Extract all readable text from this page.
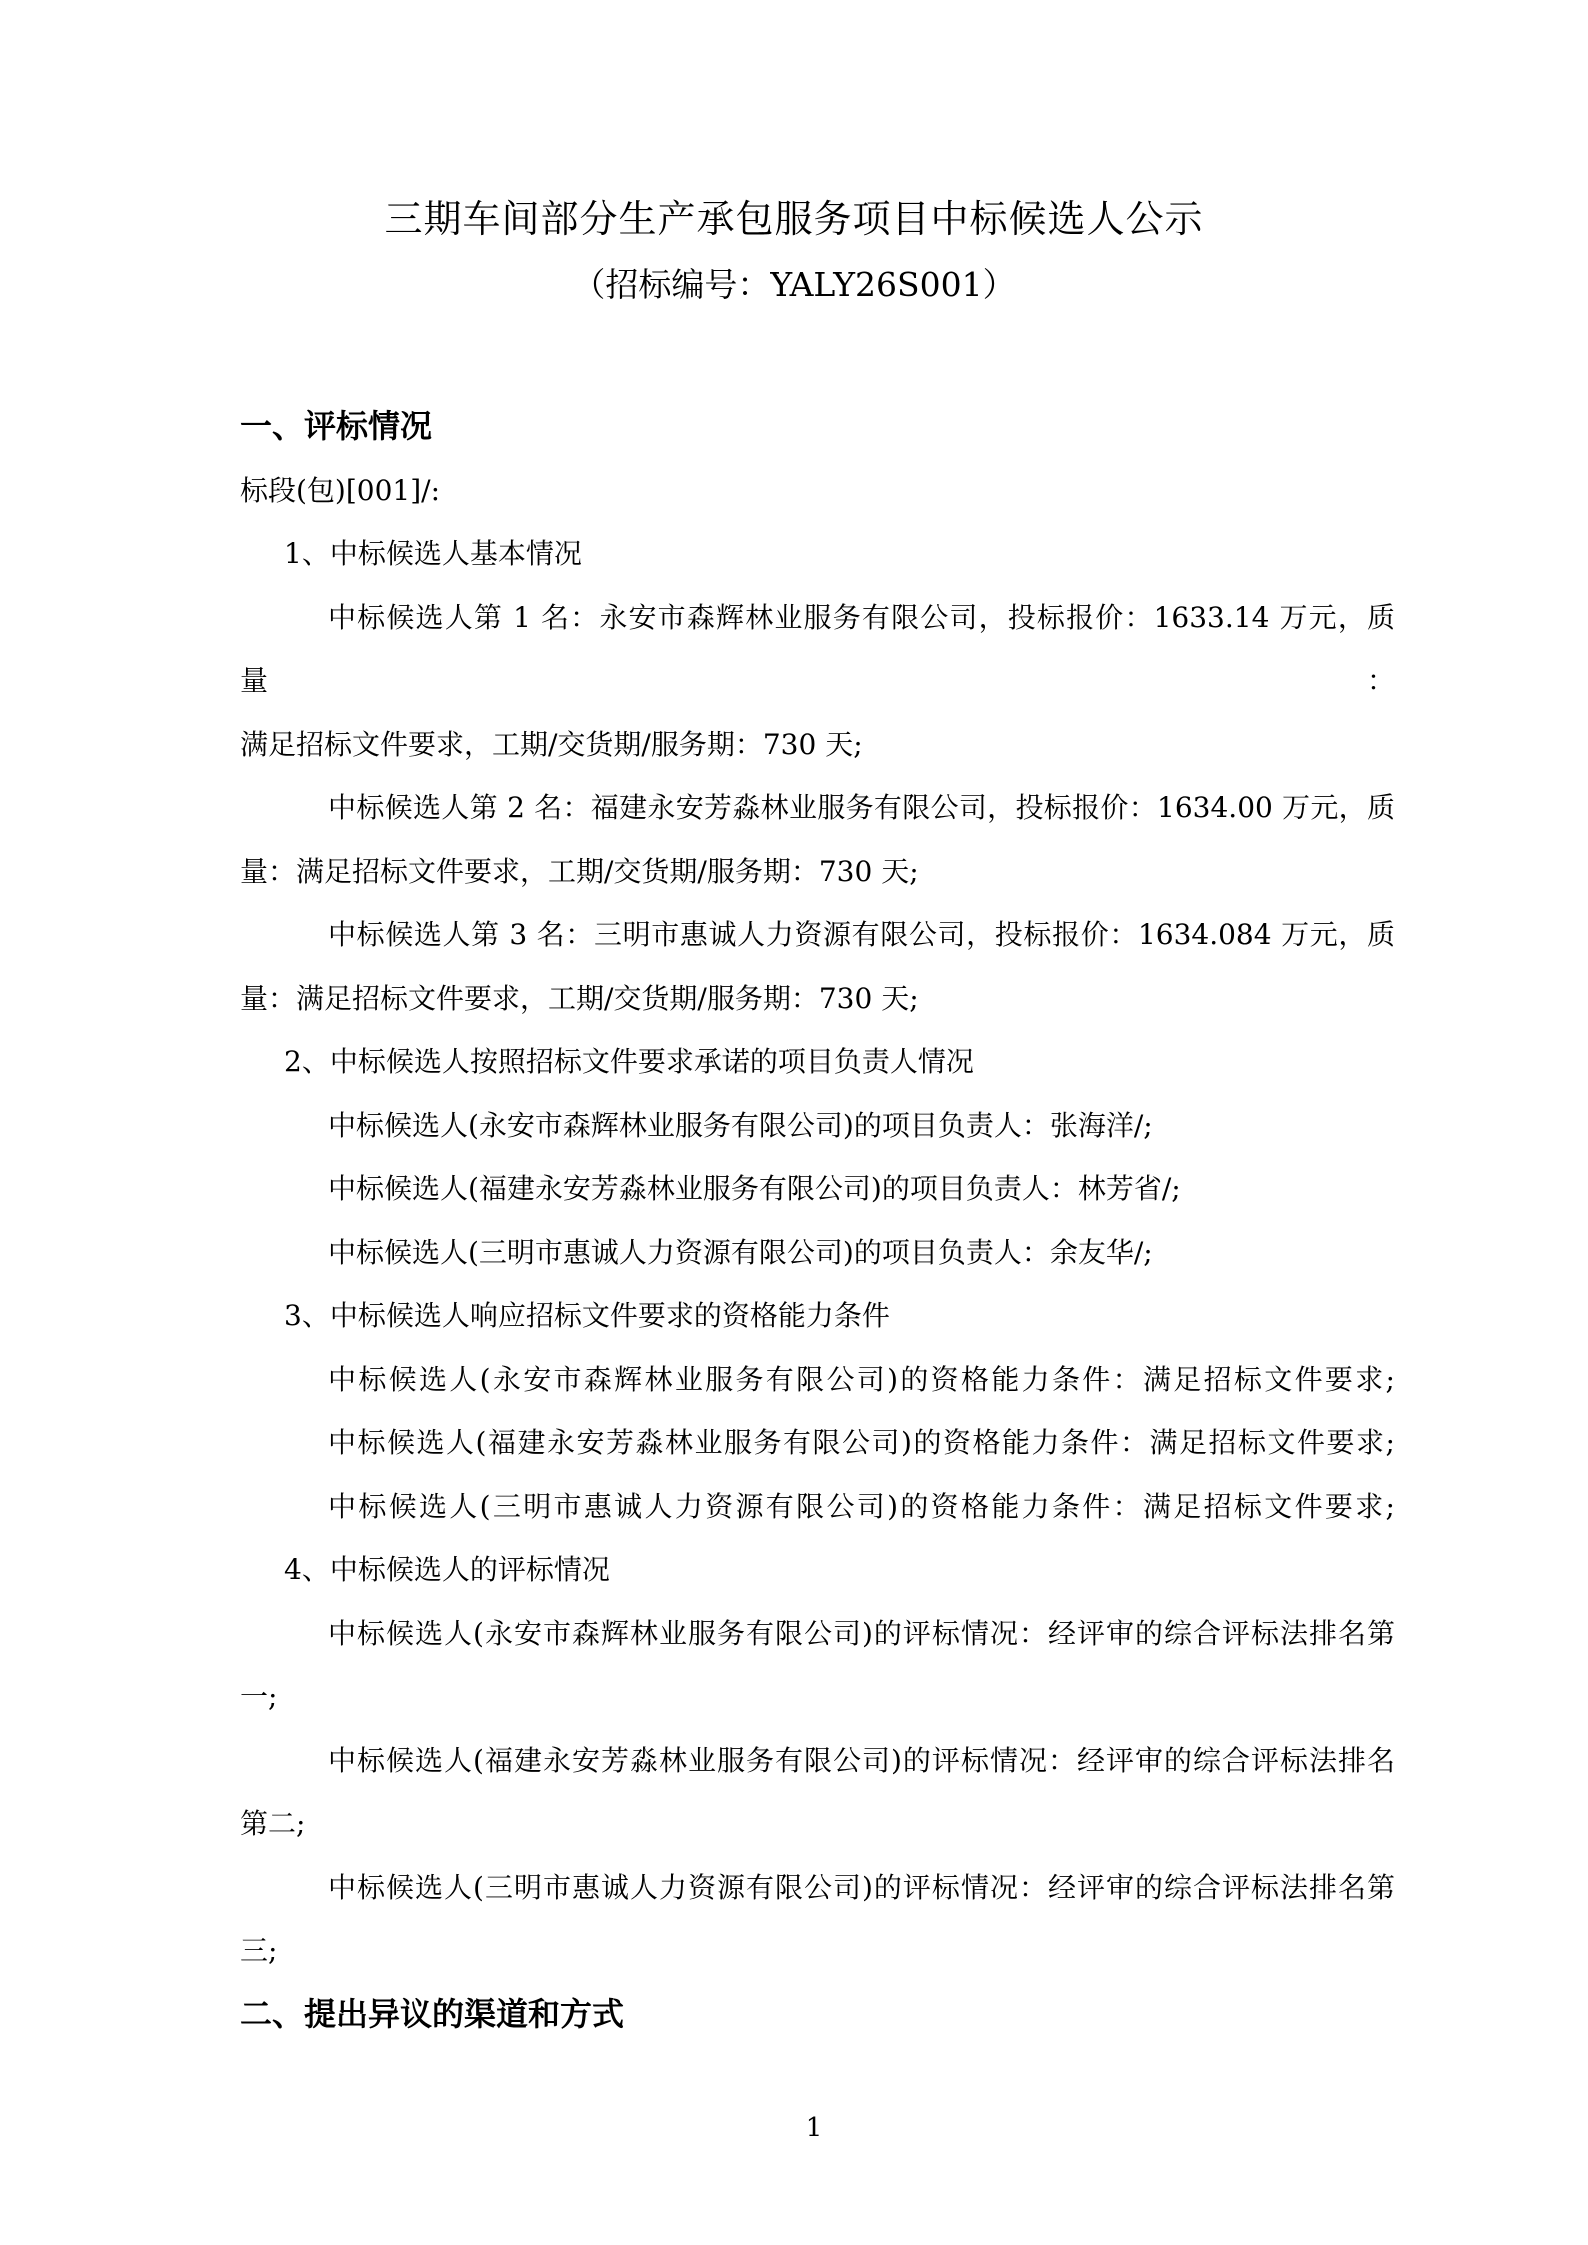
三期车间部分生产承包服务项目中标候选人公示
（招标编号：YALY26S001）
一、评标情况
标段(包)[001]/:
1、中标候选人基本情况
中标候选人第 1 名：永安市森辉林业服务有限公司，投标报价：1633.14 万元，质量：
满足招标文件要求，工期/交货期/服务期：730 天;
中标候选人第 2 名：福建永安芳淼林业服务有限公司，投标报价：1634.00 万元，质
量：满足招标文件要求，工期/交货期/服务期：730 天;
中标候选人第 3 名：三明市惠诚人力资源有限公司，投标报价：1634.084 万元，质
量：满足招标文件要求，工期/交货期/服务期：730 天;
2、中标候选人按照招标文件要求承诺的项目负责人情况
中标候选人(永安市森辉林业服务有限公司)的项目负责人：张海洋/;
中标候选人(福建永安芳淼林业服务有限公司)的项目负责人：林芳省/;
中标候选人(三明市惠诚人力资源有限公司)的项目负责人：余友华/;
3、中标候选人响应招标文件要求的资格能力条件
中标候选人(永安市森辉林业服务有限公司)的资格能力条件：满足招标文件要求;
中标候选人(福建永安芳淼林业服务有限公司)的资格能力条件：满足招标文件要求;
中标候选人(三明市惠诚人力资源有限公司)的资格能力条件：满足招标文件要求;
4、中标候选人的评标情况
中标候选人(永安市森辉林业服务有限公司)的评标情况：经评审的综合评标法排名第
一;
中标候选人(福建永安芳淼林业服务有限公司)的评标情况：经评审的综合评标法排名
第二;
中标候选人(三明市惠诚人力资源有限公司)的评标情况：经评审的综合评标法排名第
三;
二、提出异议的渠道和方式
1
